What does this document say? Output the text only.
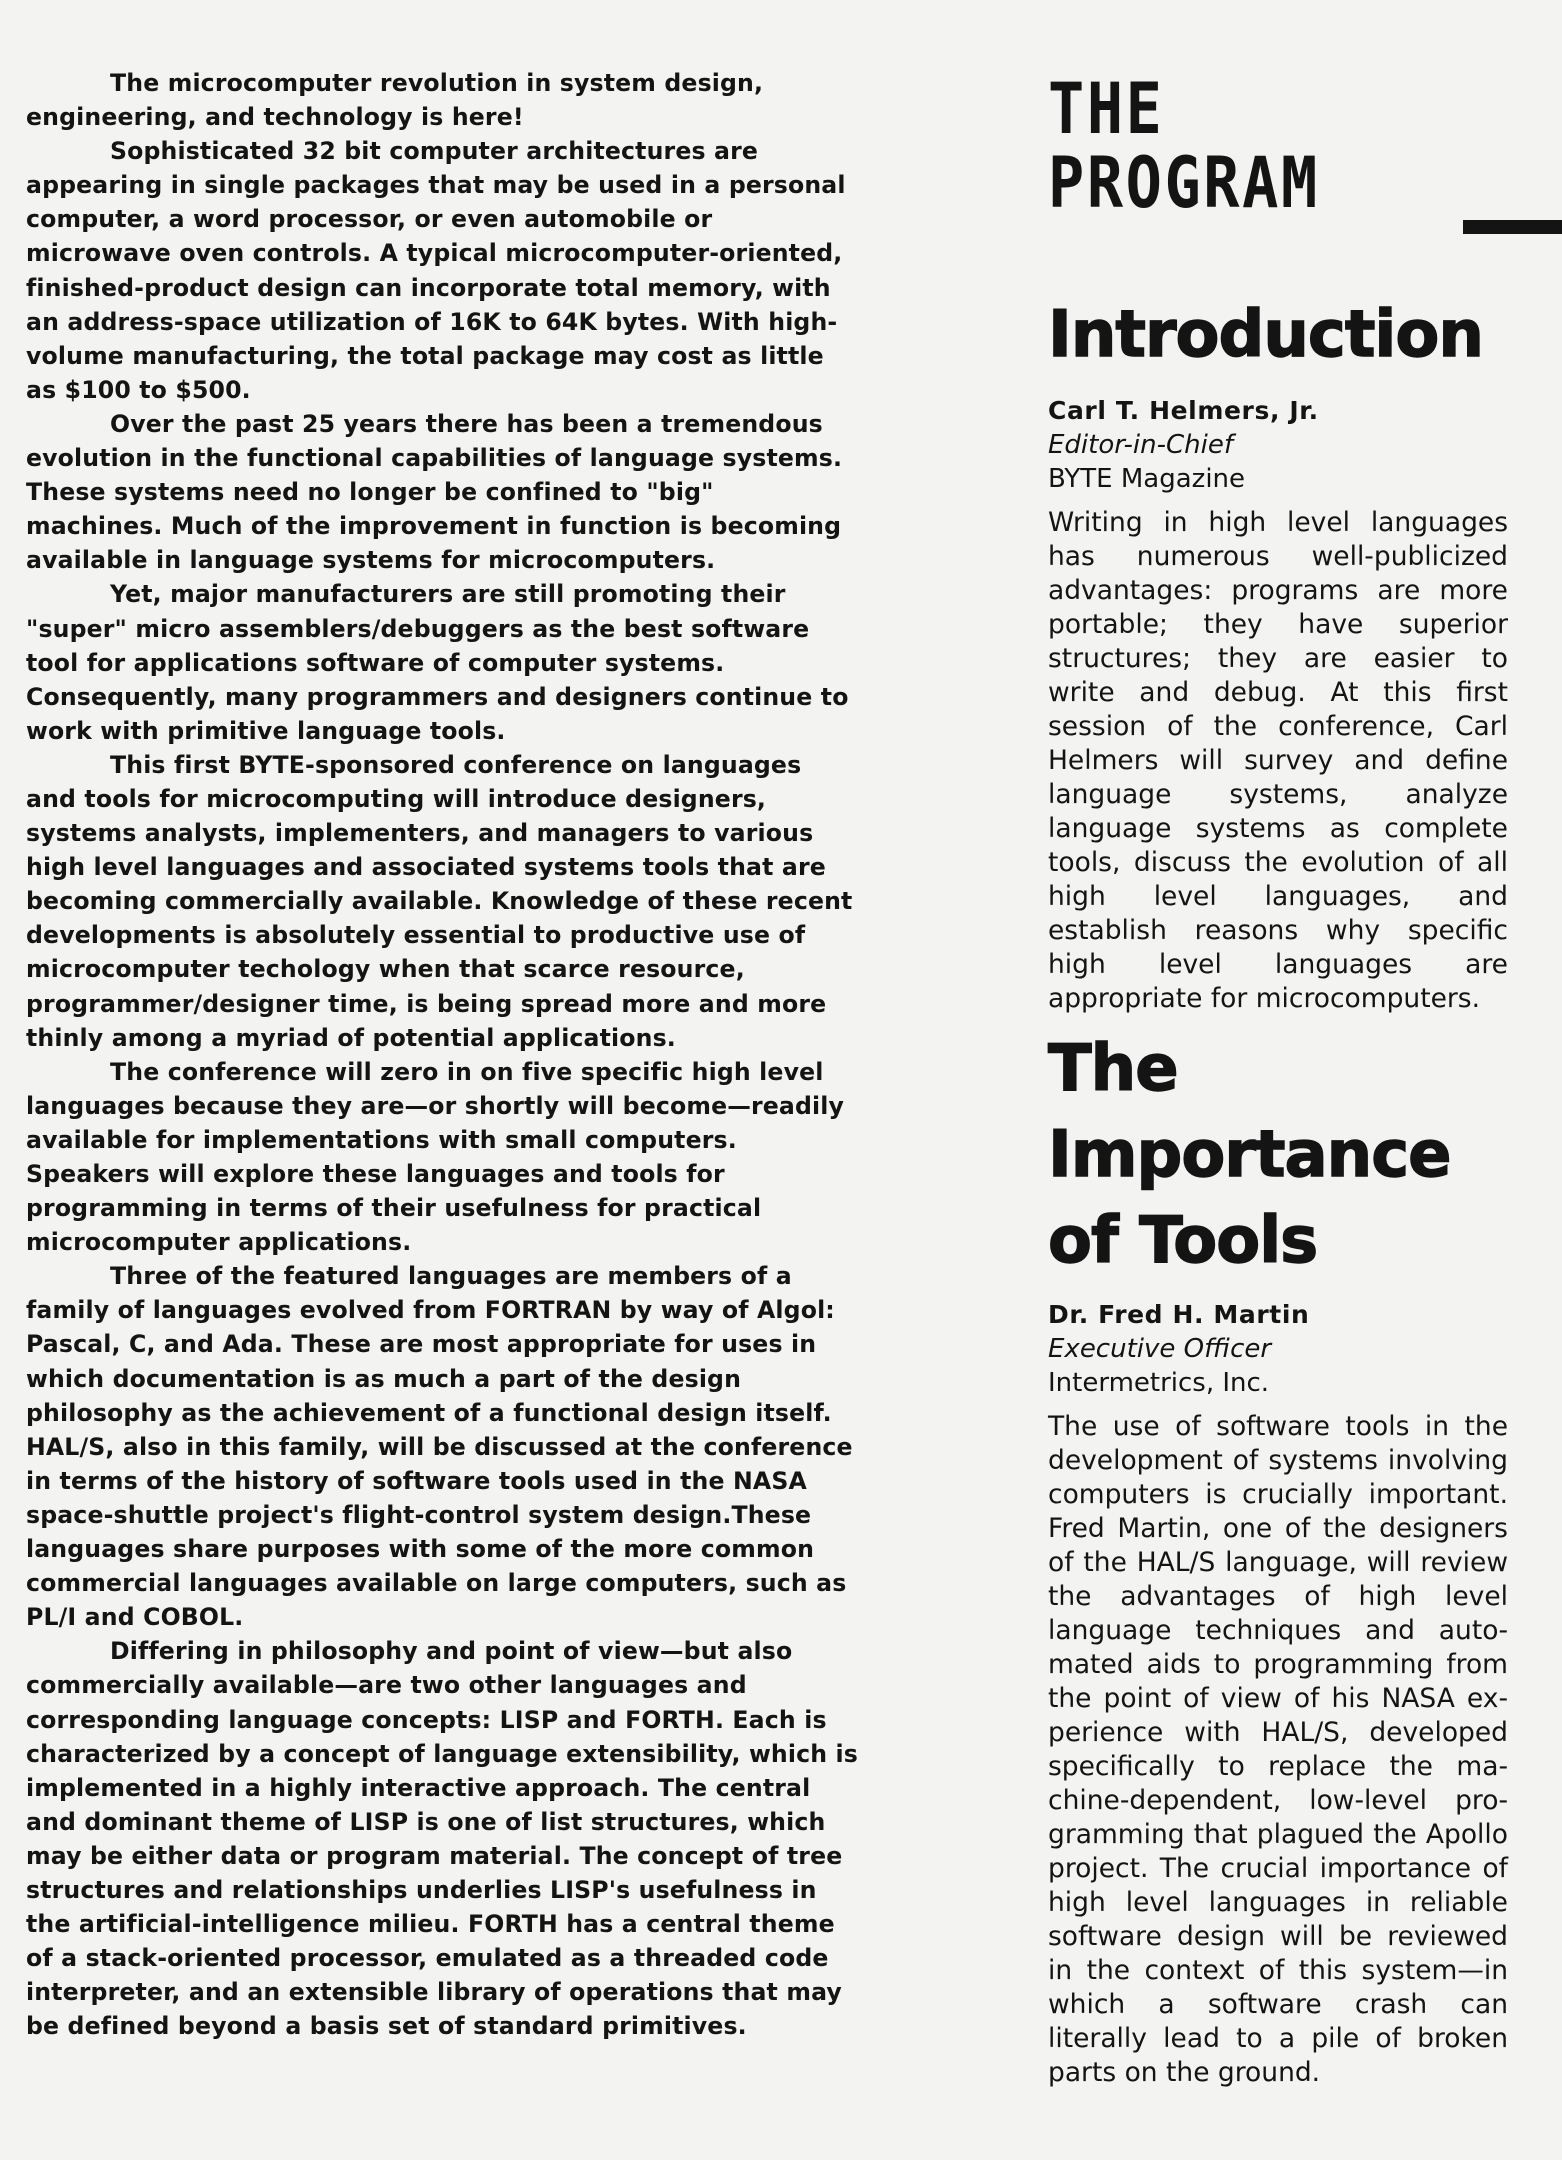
The microcomputer revolution in system design, engineering, and technology is here!

Sophisticated 32 bit computer architectures are appearing in single packages that may be used in a personal computer, a word processor, or even automobile or microwave oven controls. A typical microcomputer-oriented, finished-product design can incorporate total memory, with an address-space utilization of 16K to 64K bytes. With high-volume manufacturing, the total package may cost as little as $100 to $500.

Over the past 25 years there has been a tremendous evolution in the functional capabilities of language systems. These systems need no longer be confined to "big" machines. Much of the improvement in function is becoming available in language systems for microcomputers.

Yet, major manufacturers are still promoting their "super" micro assemblers/debuggers as the best software tool for applications software of computer systems. Consequently, many programmers and designers continue to work with primitive language tools.

This first BYTE-sponsored conference on languages and tools for microcomputing will introduce designers, systems analysts, implementers, and managers to various high level languages and associated systems tools that are becoming commercially available. Knowledge of these recent developments is absolutely essential to productive use of microcomputer techology when that scarce resource, programmer/designer time, is being spread more and more thinly among a myriad of potential applications.

The conference will zero in on five specific high level languages because they are—or shortly will become—readily available for implementations with small computers. Speakers will explore these languages and tools for programming in terms of their usefulness for practical microcomputer applications.

Three of the featured languages are members of a family of languages evolved from FORTRAN by way of Algol: Pascal, C, and Ada. These are most appropriate for uses in which documentation is as much a part of the design philosophy as the achievement of a functional design itself. HAL/S, also in this family, will be discussed at the conference in terms of the history of software tools used in the NASA space-shuttle project's flight-control system design.These languages share purposes with some of the more common commercial languages available on large computers, such as PL/I and COBOL.

Differing in philosophy and point of view—but also commercially available—are two other languages and corresponding language concepts: LISP and FORTH. Each is characterized by a concept of language extensibility, which is implemented in a highly interactive approach. The central and dominant theme of LISP is one of list structures, which may be either data or program material. The concept of tree structures and relationships underlies LISP's usefulness in the artificial-intelligence milieu. FORTH has a central theme of a stack-oriented processor, emulated as a threaded code interpreter, and an extensible library of operations that may be defined beyond a basis set of standard primitives.

THE
PROGRAM
Introduction
Carl T. Helmers, Jr.
Editor-in-Chief
BYTE Magazine

Writing in high level languages has numerous well-publicized advantages: programs are more portable; they have superior structures; they are easier to write and debug. At this first session of the conference, Carl Helmers will survey and define language systems, analyze language systems as complete tools, discuss the evolution of all high level languages, and establish reasons why specific high level languages are appropriate for microcomputers.

The Importance of Tools
Dr. Fred H. Martin
Executive Officer
Intermetrics, Inc.

The use of software tools in the development of systems involving computers is crucially important. Fred Martin, one of the designers of the HAL/S language, will review the advantages of high level language techniques and automated aids to programming from the point of view of his NASA experience with HAL/S, developed specifically to replace the machine-dependent, low-level programming that plagued the Apollo project. The crucial importance of high level languages in reliable software design will be reviewed in the context of this system—in which a software crash can literally lead to a pile of broken parts on the ground.
